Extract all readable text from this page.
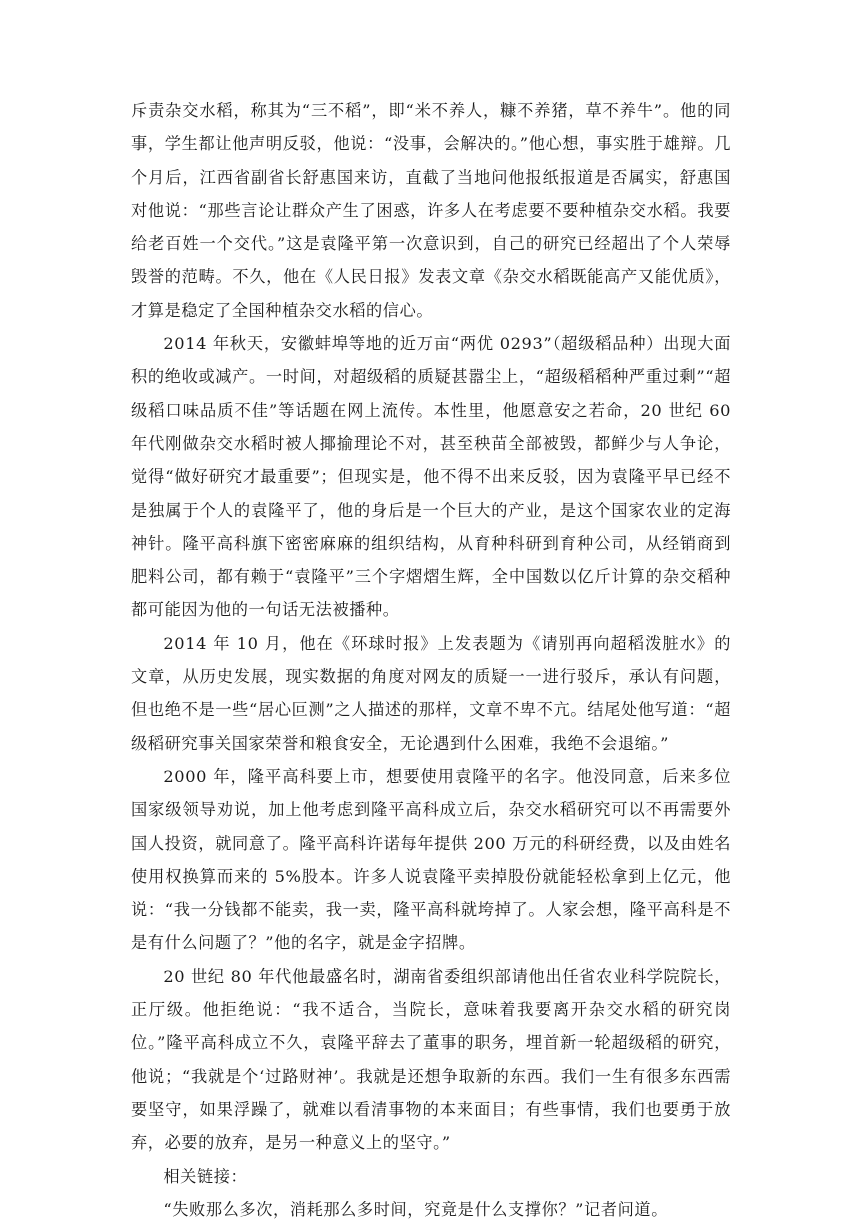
斥责杂交水稻，称其为“三不稻”，即“米不养人，糠不养猪，草不养牛”。他的同事，学生都让他声明反驳，他说：“没事，会解决的。”他心想，事实胜于雄辩。几个月后，江西省副省长舒惠国来访，直截了当地问他报纸报道是否属实，舒惠国对他说：“那些言论让群众产生了困惑，许多人在考虑要不要种植杂交水稻。我要给老百姓一个交代。”这是袁隆平第一次意识到，自己的研究已经超出了个人荣辱毁誉的范畴。不久，他在《人民日报》发表文章《杂交水稻既能高产又能优质》，才算是稳定了全国种植杂交水稻的信心。

2014 年秋天，安徽蚌埠等地的近万亩“两优 0293”（超级稻品种）出现大面积的绝收或减产。一时间，对超级稻的质疑甚嚣尘上，“超级稻稻种严重过剩”“超级稻口味品质不佳”等话题在网上流传。本性里，他愿意安之若命，20 世纪 60 年代刚做杂交水稻时被人揶揄理论不对，甚至秧苗全部被毁，都鲜少与人争论，觉得“做好研究才最重要”；但现实是，他不得不出来反驳，因为袁隆平早已经不是独属于个人的袁隆平了，他的身后是一个巨大的产业，是这个国家农业的定海神针。隆平高科旗下密密麻麻的组织结构，从育种科研到育种公司，从经销商到肥料公司，都有赖于“袁隆平”三个字熠熠生辉，全中国数以亿斤计算的杂交稻种都可能因为他的一句话无法被播种。

2014 年 10 月，他在《环球时报》上发表题为《请别再向超稻泼脏水》的文章，从历史发展，现实数据的角度对网友的质疑一一进行驳斥，承认有问题，但也绝不是一些“居心叵测”之人描述的那样，文章不卑不亢。结尾处他写道：“超级稻研究事关国家荣誉和粮食安全，无论遇到什么困难，我绝不会退缩。”

2000 年，隆平高科要上市，想要使用袁隆平的名字。他没同意，后来多位国家级领导劝说，加上他考虑到隆平高科成立后，杂交水稻研究可以不再需要外国人投资，就同意了。隆平高科许诺每年提供 200 万元的科研经费，以及由姓名使用权换算而来的 5%股本。许多人说袁隆平卖掉股份就能轻松拿到上亿元，他说：“我一分钱都不能卖，我一卖，隆平高科就垮掉了。人家会想，隆平高科是不是有什么问题了？”他的名字，就是金字招牌。

20 世纪 80 年代他最盛名时，湖南省委组织部请他出任省农业科学院院长，正厅级。他拒绝说：“我不适合，当院长，意味着我要离开杂交水稻的研究岗位。”隆平高科成立不久，袁隆平辞去了董事的职务，埋首新一轮超级稻的研究，他说；“我就是个‘过路财神’。我就是还想争取新的东西。我们一生有很多东西需要坚守，如果浮躁了，就难以看清事物的本来面目；有些事情，我们也要勇于放弃，必要的放弃，是另一种意义上的坚守。”

相关链接：

“失败那么多次，消耗那么多时间，究竟是什么支撑你？”记者问道。
